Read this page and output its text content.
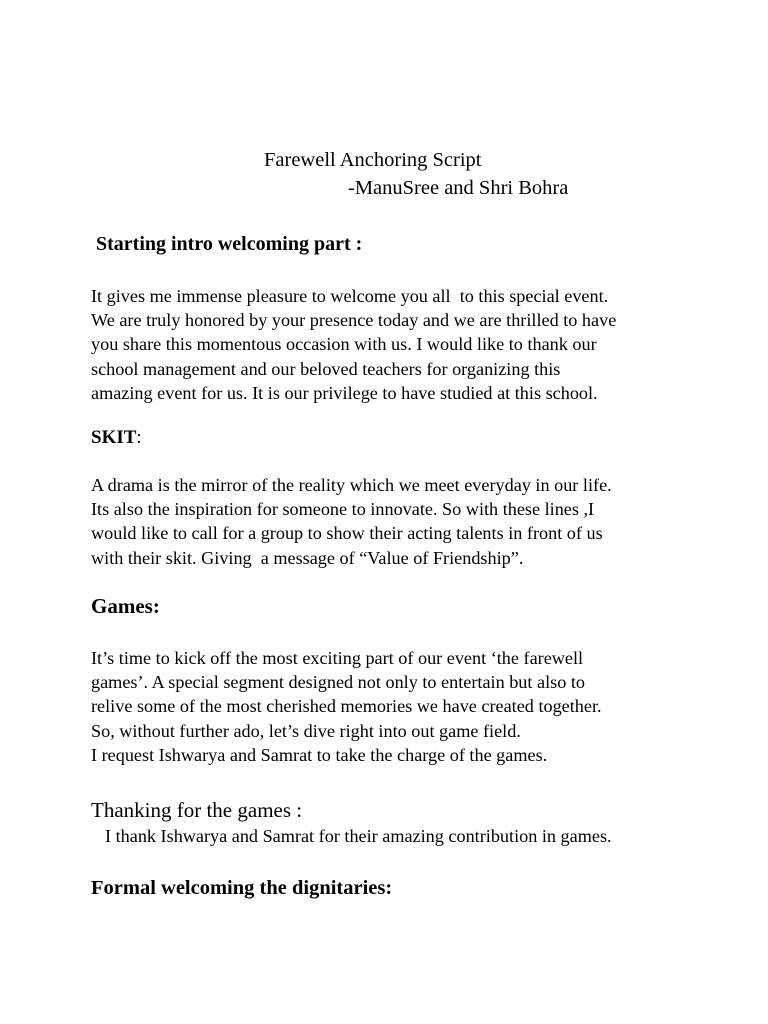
Farewell Anchoring Script
-ManuSree and Shri Bohra
Starting intro welcoming part :
It gives me immense pleasure to welcome you all  to this special event.
We are truly honored by your presence today and we are thrilled to have
you share this momentous occasion with us. I would like to thank our
school management and our beloved teachers for organizing this
amazing event for us. It is our privilege to have studied at this school.
SKIT:
A drama is the mirror of the reality which we meet everyday in our life.
Its also the inspiration for someone to innovate. So with these lines ,I
would like to call for a group to show their acting talents in front of us
with their skit. Giving  a message of “Value of Friendship”.
Games:
It’s time to kick off the most exciting part of our event ‘the farewell
games’. A special segment designed not only to entertain but also to
relive some of the most cherished memories we have created together.
So, without further ado, let’s dive right into out game field.
I request Ishwarya and Samrat to take the charge of the games.
Thanking for the games :
I thank Ishwarya and Samrat for their amazing contribution in games.
Formal welcoming the dignitaries:
